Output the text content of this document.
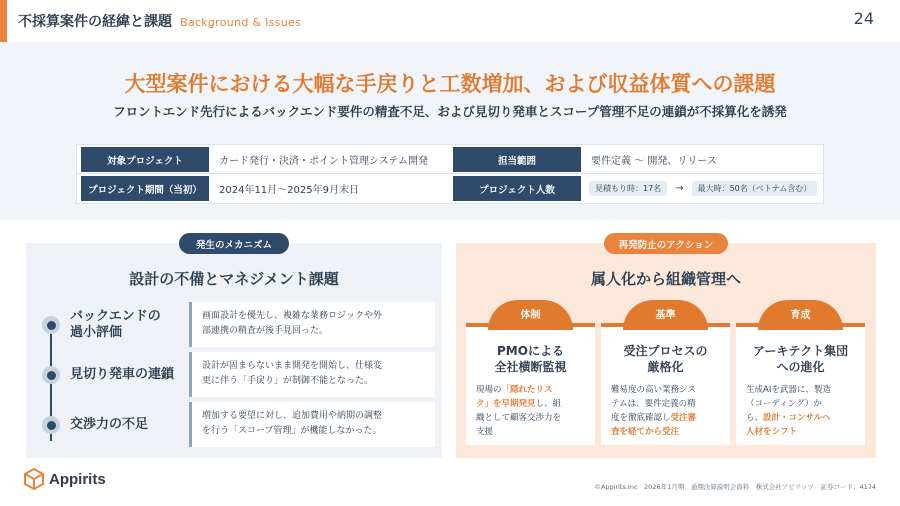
不採算案件の経緯と課題 Background & Issues	24
大型案件における大幅な手戻りと工数増加、および収益体質への課題
フロントエンド先行によるバックエンド要件の精査不足、および見切り発車とスコープ管理不足の連鎖が不採算化を誘発
対象プロジェクト	カード発行・決済・ポイント管理システム開発	担当範囲	要件定義 〜 開発、リリース
プロジェクト期間（当初）	2024年11月〜2025年9月末日	プロジェクト人数	見積もり時：17名	→	最大時：50名（ベトナム含む）
発生のメカニズム
設計の不備とマネジメント課題
バックエンドの
過小評価
画面設計を優先し、複雑な業務ロジックや外
部連携の精査が後手見回った。
見切り発車の連鎖
設計が固まらないまま開発を開始し、仕様変
更に伴う「手戻り」が制御不能となった。
交渉力の不足
増加する要望に対し、追加費用や納期の調整
を行う「スコープ管理」が機能しなかった。
再発防止のアクション
属人化から組織管理へ
体制
PMOによる
全社横断監視
現場の「隠れたリス
ク」を早期発見し、組
織として顧客交渉力を
支援
基準
受注プロセスの
厳格化
難易度の高い業務シス
テムは、要件定義の精
度を徹底確認し受注審
査を経てから受注
育成
アーキテクト集団
への進化
生成AIを武器に、製造
（コーディング）か
ら、設計・コンサルへ
人材をシフト
Appirits	©Appirits.Inc　2026年1月期　通期決算説明会資料　株式会社アピリッツ　証券コード：4174
